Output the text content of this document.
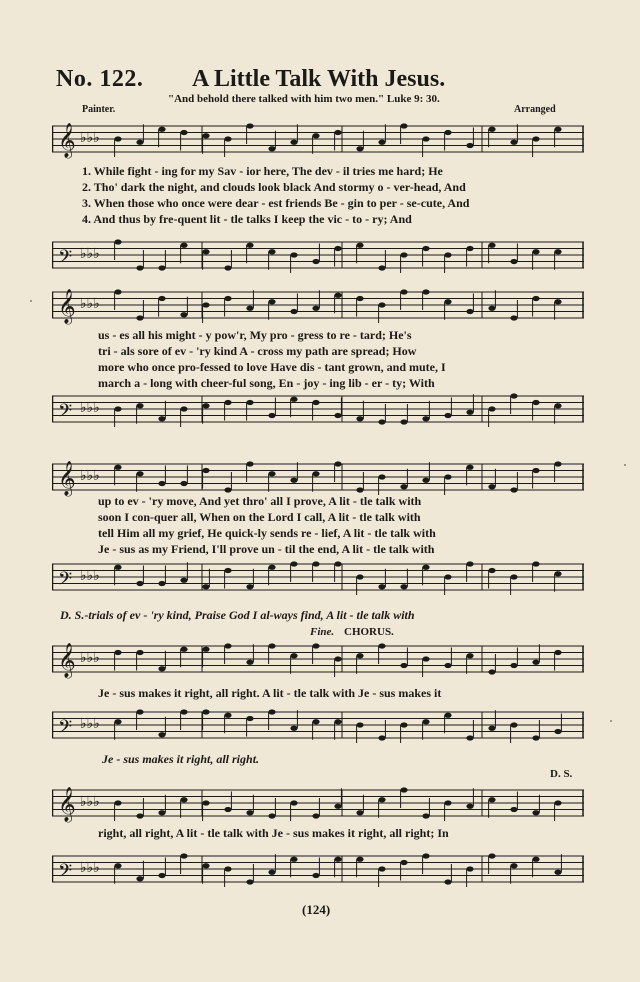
No. 122. A Little Talk With Jesus.
"And behold there talked with him two men." Luke 9: 30.
Painter.	Arranged
𝄞 ♭♭♭
1. While fight - ing for my Sav - ior here, The dev - il tries me hard; He
2. Tho' dark the night, and clouds look black And stormy o - ver-head, And
3. When those who once were dear - est friends Be - gin to per - se-cute, And
4. And thus by fre-quent lit - tle talks I keep the vic - to - ry; And
𝄢 ♭♭♭
𝄞 ♭♭♭
us - es all his might - y pow'r, My pro - gress to re - tard; He's
tri - als sore of ev - 'ry kind A - cross my path are spread; How
more who once pro-fessed to love Have dis - tant grown, and mute, I
march a - long with cheer-ful song, En - joy - ing lib - er - ty; With
𝄢 ♭♭♭
𝄞 ♭♭♭
up to ev - 'ry move, And yet thro' all I prove, A lit - tle talk with
soon I con-quer all, When on the Lord I call, A lit - tle talk with
tell Him all my grief, He quick-ly sends re - lief, A lit - tle talk with
Je - sus as my Friend, I'll prove un - til the end, A lit - tle talk with
𝄢 ♭♭♭
D. S.-trials of ev - 'ry kind, Praise God I al-ways find, A lit - tle talk with
Fine. CHORUS.
𝄞 ♭♭♭
Je - sus makes it right, all right. A lit - tle talk with Je - sus makes it
𝄢 ♭♭♭
Je - sus makes it right, all right.
D. S.
𝄞 ♭♭♭
right, all right, A lit - tle talk with Je - sus makes it right, all right; In
𝄢 ♭♭♭
(124)
